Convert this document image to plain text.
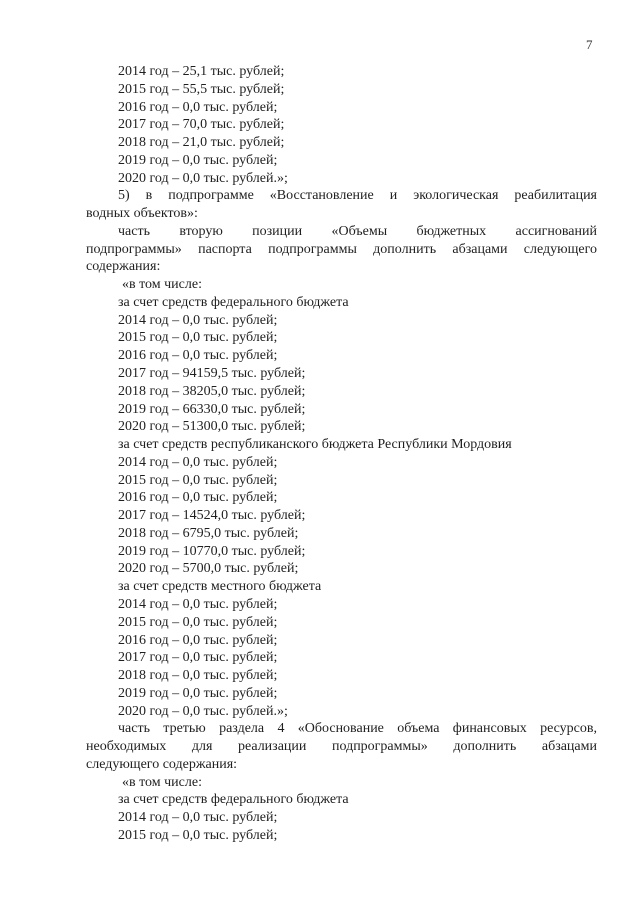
7
2014 год – 25,1 тыс. рублей;
2015 год – 55,5 тыс. рублей;
2016 год – 0,0 тыс. рублей;
2017 год – 70,0 тыс. рублей;
2018 год – 21,0 тыс. рублей;
2019 год – 0,0 тыс. рублей;
2020 год – 0,0 тыс. рублей.»;
5) в подпрограмме «Восстановление и экологическая реабилитация
водных объектов»:
часть вторую позиции «Объемы бюджетных ассигнований
подпрограммы» паспорта подпрограммы дополнить абзацами следующего
содержания:
«в том числе:
за счет средств федерального бюджета
2014 год – 0,0 тыс. рублей;
2015 год – 0,0 тыс. рублей;
2016 год – 0,0 тыс. рублей;
2017 год – 94159,5 тыс. рублей;
2018 год – 38205,0 тыс. рублей;
2019 год – 66330,0 тыс. рублей;
2020 год – 51300,0 тыс. рублей;
за счет средств республиканского бюджета Республики Мордовия
2014 год – 0,0 тыс. рублей;
2015 год – 0,0 тыс. рублей;
2016 год – 0,0 тыс. рублей;
2017 год – 14524,0 тыс. рублей;
2018 год – 6795,0 тыс. рублей;
2019 год – 10770,0 тыс. рублей;
2020 год – 5700,0 тыс. рублей;
за счет средств местного бюджета
2014 год – 0,0 тыс. рублей;
2015 год – 0,0 тыс. рублей;
2016 год – 0,0 тыс. рублей;
2017 год – 0,0 тыс. рублей;
2018 год – 0,0 тыс. рублей;
2019 год – 0,0 тыс. рублей;
2020 год – 0,0 тыс. рублей.»;
часть третью раздела 4 «Обоснование объема финансовых ресурсов,
необходимых для реализации подпрограммы» дополнить абзацами
следующего содержания:
«в том числе:
за счет средств федерального бюджета
2014 год – 0,0 тыс. рублей;
2015 год – 0,0 тыс. рублей;
